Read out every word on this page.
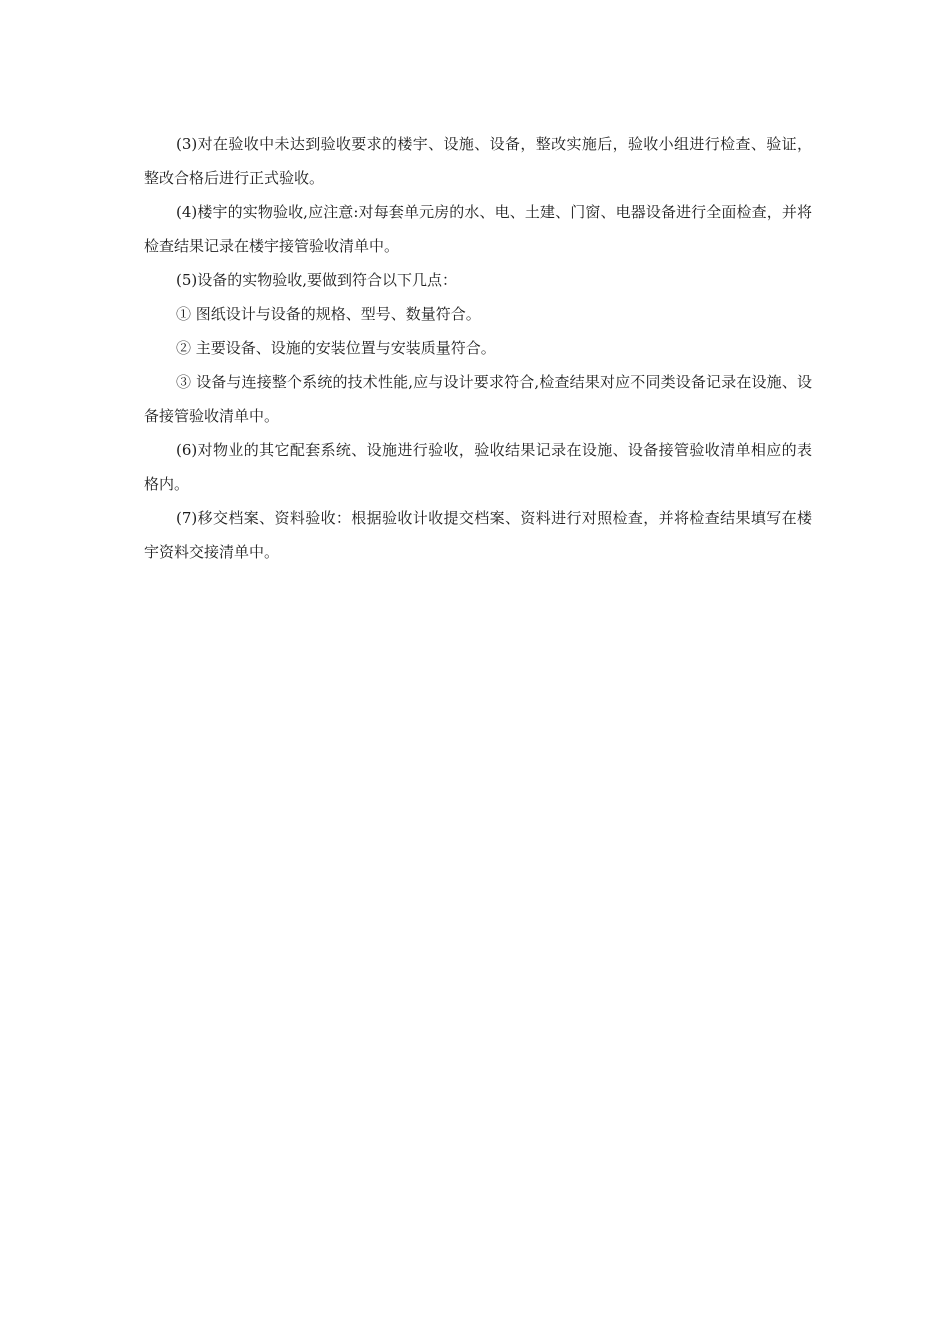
(3)对在验收中未达到验收要求的楼宇、设施、设备，整改实施后，验收小组进行检查、验证，整改合格后进行正式验收。

(4)楼宇的实物验收,应注意:对每套单元房的水、电、土建、门窗、电器设备进行全面检查，并将检查结果记录在楼宇接管验收清单中。

(5)设备的实物验收,要做到符合以下几点：

① 图纸设计与设备的规格、型号、数量符合。

② 主要设备、设施的安装位置与安装质量符合。

③ 设备与连接整个系统的技术性能,应与设计要求符合,检查结果对应不同类设备记录在设施、设备接管验收清单中。

(6)对物业的其它配套系统、设施进行验收，验收结果记录在设施、设备接管验收清单相应的表格内。

(7)移交档案、资料验收：根据验收计收提交档案、资料进行对照检查，并将检查结果填写在楼宇资料交接清单中。
